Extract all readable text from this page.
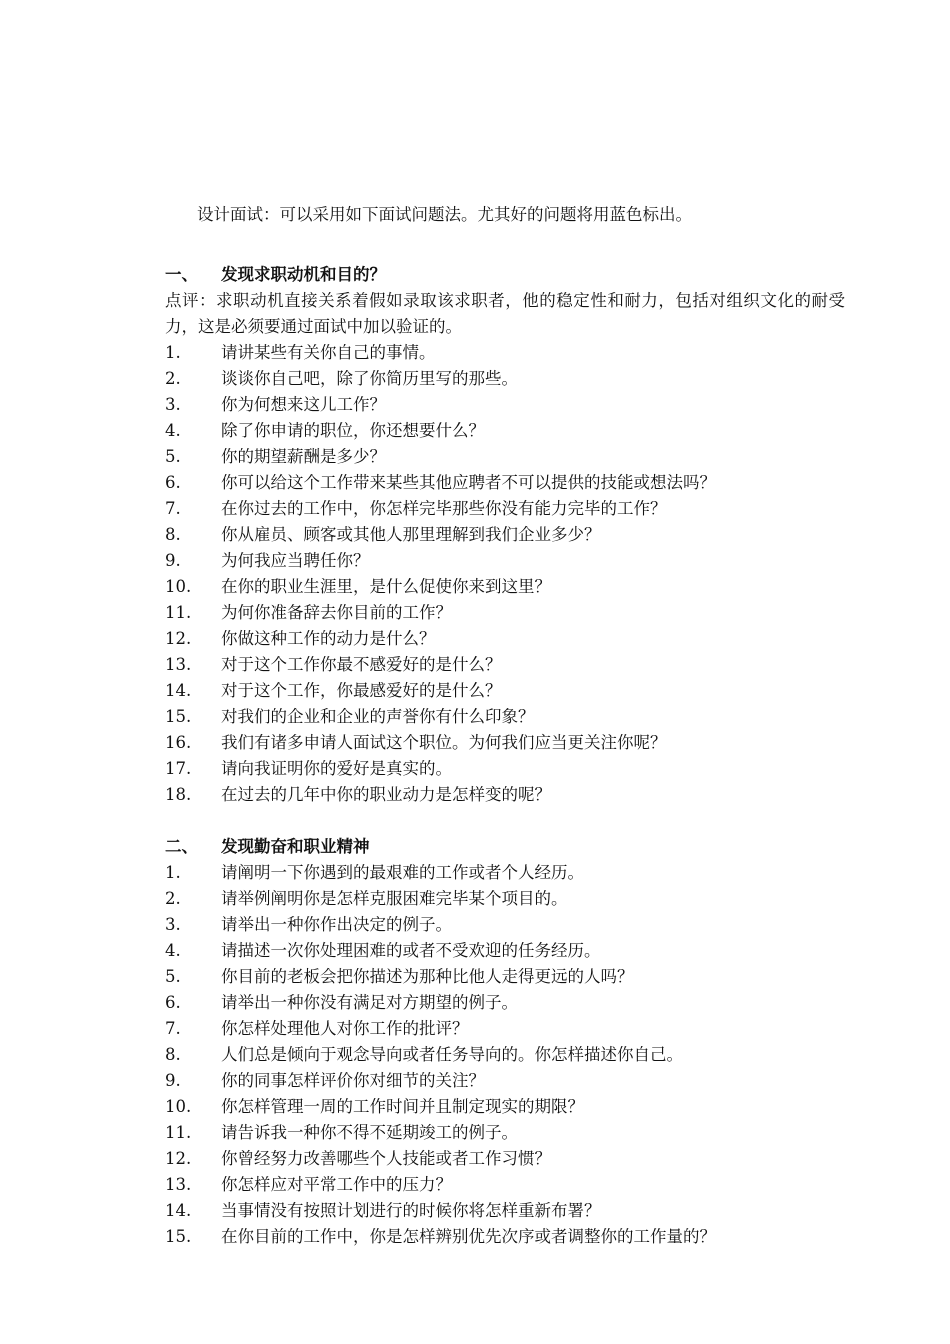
设计面试：可以采用如下面试问题法。尤其好的问题将用蓝色标出。
一、	发现求职动机和目的？
点评：求职动机直接关系着假如录取该求职者，他的稳定性和耐力，包括对组织文化的耐受力，这是必须要通过面试中加以验证的。
1.	请讲某些有关你自己的事情。
2.	谈谈你自己吧，除了你简历里写的那些。
3.	你为何想来这儿工作？
4.	除了你申请的职位，你还想要什么？
5.	你的期望薪酬是多少？
6.	你可以给这个工作带来某些其他应聘者不可以提供的技能或想法吗？
7.	在你过去的工作中，你怎样完毕那些你没有能力完毕的工作？
8.	你从雇员、顾客或其他人那里理解到我们企业多少？
9.	为何我应当聘任你？
10.	在你的职业生涯里，是什么促使你来到这里？
11.	为何你准备辞去你目前的工作？
12.	你做这种工作的动力是什么？
13.	对于这个工作你最不感爱好的是什么？
14.	对于这个工作，你最感爱好的是什么？
15.	对我们的企业和企业的声誉你有什么印象？
16.	我们有诸多申请人面试这个职位。为何我们应当更关注你呢？
17.	请向我证明你的爱好是真实的。
18.	在过去的几年中你的职业动力是怎样变的呢？
二、	发现勤奋和职业精神
1.	请阐明一下你遇到的最艰难的工作或者个人经历。
2.	请举例阐明你是怎样克服困难完毕某个项目的。
3.	请举出一种你作出决定的例子。
4.	请描述一次你处理困难的或者不受欢迎的任务经历。
5.	你目前的老板会把你描述为那种比他人走得更远的人吗？
6.	请举出一种你没有满足对方期望的例子。
7.	你怎样处理他人对你工作的批评？
8.	人们总是倾向于观念导向或者任务导向的。你怎样描述你自己。
9.	你的同事怎样评价你对细节的关注？
10.	你怎样管理一周的工作时间并且制定现实的期限？
11.	请告诉我一种你不得不延期竣工的例子。
12.	你曾经努力改善哪些个人技能或者工作习惯？
13.	你怎样应对平常工作中的压力？
14.	当事情没有按照计划进行的时候你将怎样重新布署？
15.	在你目前的工作中，你是怎样辨别优先次序或者调整你的工作量的？
